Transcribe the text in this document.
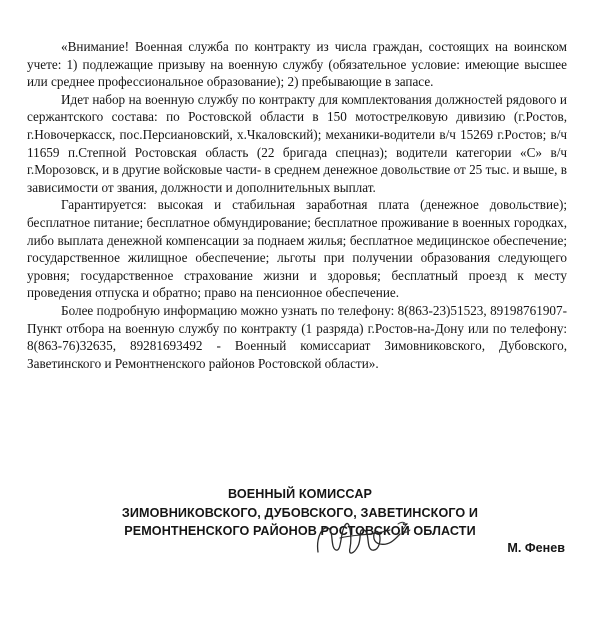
«Внимание! Военная служба по контракту из числа граждан, состоящих на воинском учете: 1) подлежащие призыву на военную службу (обязательное условие: имеющие высшее или среднее профессиональное образование); 2) пребывающие в запасе.

Идет набор на военную службу по контракту для комплектования должностей рядового и сержантского состава: по Ростовской области в 150 мотострелковую дивизию (г.Ростов, г.Новочеркасск, пос.Персиановский, х.Чкаловский); механики-водители в/ч 15269 г.Ростов; в/ч 11659 п.Степной Ростовская область (22 бригада спецназ); водители категории «С» в/ч г.Морозовск, и в другие войсковые части- в среднем денежное довольствие от 25 тыс. и выше, в зависимости от звания, должности и дополнительных выплат.

Гарантируется: высокая и стабильная заработная плата (денежное довольствие); бесплатное питание; бесплатное обмундирование; бесплатное проживание в военных городках, либо выплата денежной компенсации за поднаем жилья; бесплатное медицинское обеспечение; государственное жилищное обеспечение; льготы при получении образования следующего уровня; государственное страхование жизни и здоровья; бесплатный проезд к месту проведения отпуска и обратно; право на пенсионное обеспечение.

Более подробную информацию можно узнать по телефону: 8(863-23)51523, 89198761907- Пункт отбора на военную службу по контракту (1 разряда) г.Ростов-на-Дону или по телефону: 8(863-76)32635, 89281693492 - Военный комиссариат Зимовниковского, Дубовского, Заветинского и Ремонтненского районов Ростовской области».

ВОЕННЫЙ КОМИССАР
ЗИМОВНИКОВСКОГО, ДУБОВСКОГО, ЗАВЕТИНСКОГО И
РЕМОНТНЕНСКОГО РАЙОНОВ РОСТОВСКОЙ ОБЛАСТИ
М. Фенев
